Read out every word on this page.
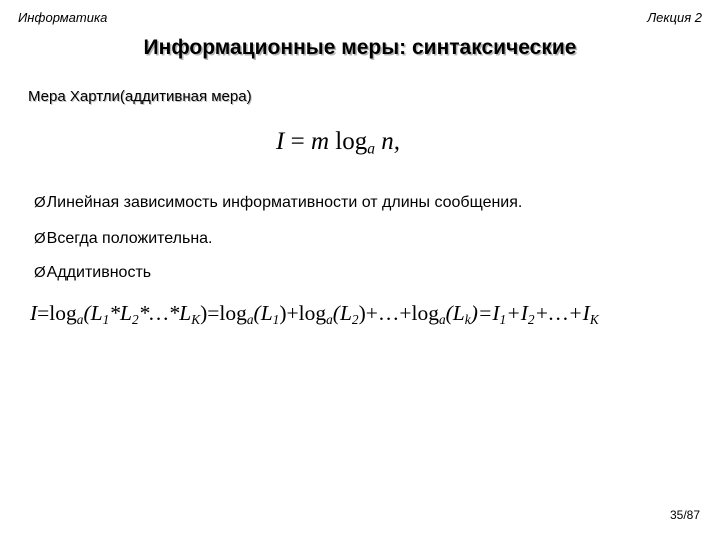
Информатика	Лекция 2
Информационные меры: синтаксические
Мера Хартли(аддитивная мера)
I = m $\log_a n$,
ØЛинейная зависимость информативности от длины сообщения.
ØВсегда положительна.
ØАддитивность
$I=\log_a(L_1*L_2*\dots*L_K)=\log_a(L_1)+\log_a(L_2)+\dots+\log_a(L_k)=I_1+I_2+\dots+I_K$
35/87
